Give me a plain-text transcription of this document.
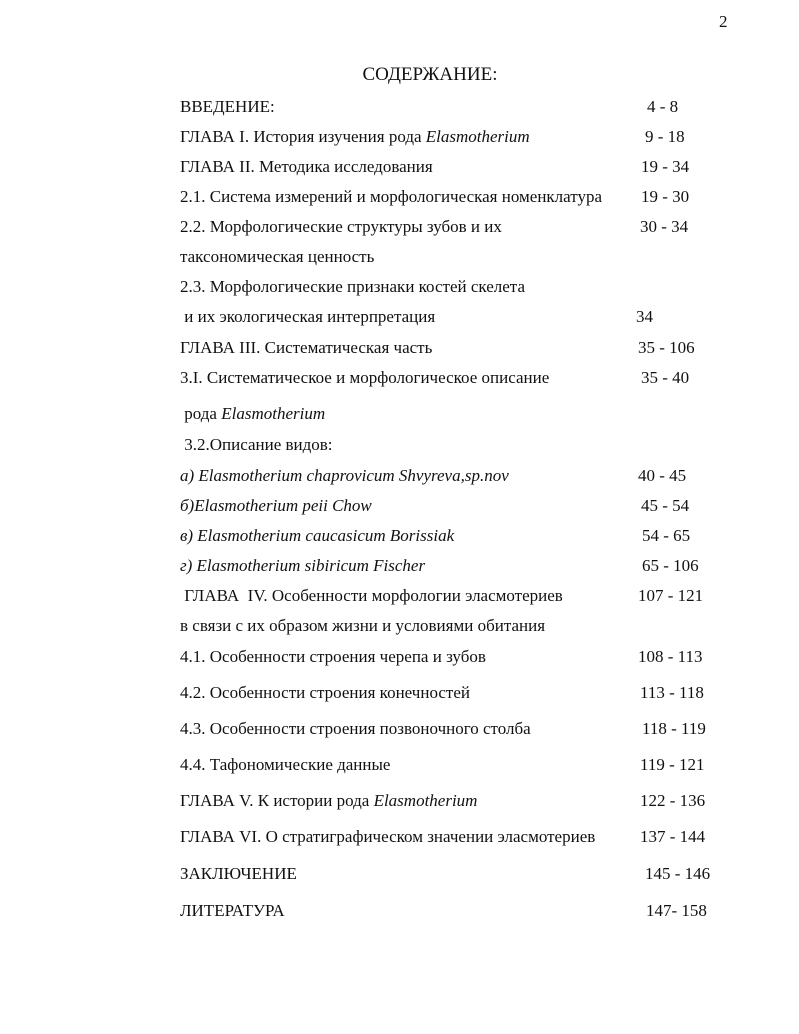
2
СОДЕРЖАНИЕ:
ВВЕДЕНИЕ:	4 - 8
ГЛАВА I. История изучения рода Elasmotherium	9 - 18
ГЛАВА II. Методика исследования	19 - 34
2.1. Система измерений и морфологическая номенклатура 19 - 30
2.2. Морфологические структуры зубов и их	30 - 34
таксономическая ценность
2.3. Морфологические признаки костей скелета
и их экологическая интерпретация	34
ГЛАВА III. Систематическая часть	35 - 106
3.I. Систематическое и морфологическое описание	35 - 40
рода Elasmotherium
3.2.Описание видов:
а) Elasmotherium chaprovicum Shvyreva,sp.nov	40 - 45
б)Elasmotherium peii Chow	45 - 54
в) Elasmotherium caucasicum Borissiak	54 - 65
г) Elasmotherium sibiricum Fischer	65 - 106
ГЛАВА  IV. Особенности морфологии эласмотериев	107 - 121
в связи с их образом жизни и условиями обитания
4.1. Особенности строения черепа и зубов	108 - 113
4.2. Особенности строения конечностей	113 - 118
4.3. Особенности строения позвоночного столба	118 - 119
4.4. Тафономические данные	119 - 121
ГЛАВА V. К истории рода Elasmotherium	122 - 136
ГЛАВА VI. О стратиграфическом значении эласмотериев	137 - 144
ЗАКЛЮЧЕНИЕ	145 - 146
ЛИТЕРАТУРА	147- 158
